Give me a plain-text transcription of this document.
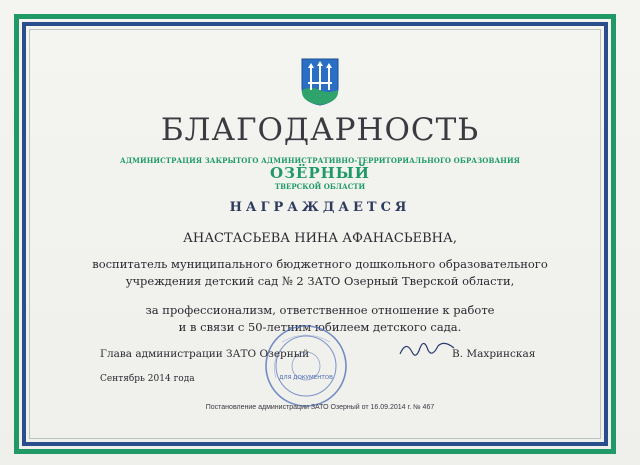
БЛАГОДАРНОСТЬ
АДМИНИСТРАЦИЯ ЗАКРЫТОГО АДМИНИСТРАТИВНО-ТЕРРИТОРИАЛЬНОГО ОБРАЗОВАНИЯ
ОЗЁРНЫЙ
ТВЕРСКОЙ ОБЛАСТИ
НАГРАЖДАЕТСЯ
АНАСТАСЬЕВА НИНА АФАНАСЬЕВНА,
воспитатель муниципального бюджетного дошкольного образовательного
учреждения детский сад № 2 ЗАТО Озерный Тверской области,
за профессионализм, ответственное отношение к работе
и в связи с 50-летним юбилеем детского сада.
ДЛЯ ДОКУМЕНТОВ
Глава администрации ЗАТО Озерный	В. Махринская
Сентябрь 2014 года
Постановление администрации ЗАТО Озерный от 16.09.2014 г. № 467
